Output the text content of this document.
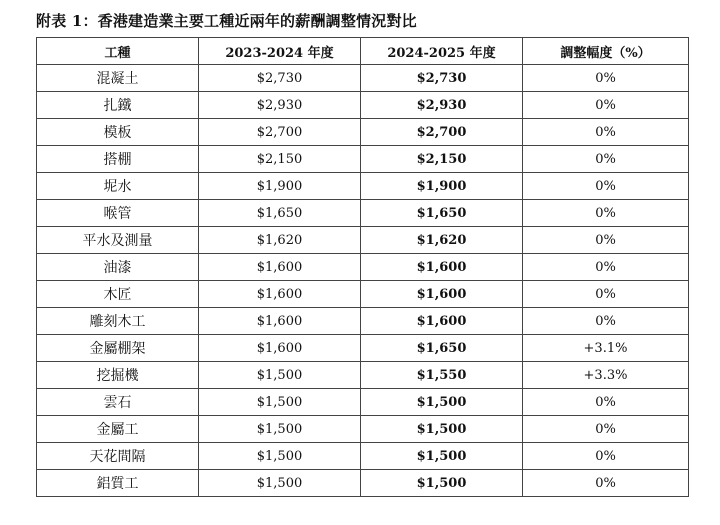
附表 1：香港建造業主要工種近兩年的薪酬調整情況對比
工種	2023-2024 年度	2024-2025 年度	調整幅度（%）
混凝土	$2,730	$2,730	0%
扎鐵	$2,930	$2,930	0%
模板	$2,700	$2,700	0%
搭棚	$2,150	$2,150	0%
坭水	$1,900	$1,900	0%
喉管	$1,650	$1,650	0%
平水及測量	$1,620	$1,620	0%
油漆	$1,600	$1,600	0%
木匠	$1,600	$1,600	0%
雕刻木工	$1,600	$1,600	0%
金屬棚架	$1,600	$1,650	+3.1%
挖掘機	$1,500	$1,550	+3.3%
雲石	$1,500	$1,500	0%
金屬工	$1,500	$1,500	0%
天花間隔	$1,500	$1,500	0%
鋁質工	$1,500	$1,500	0%
